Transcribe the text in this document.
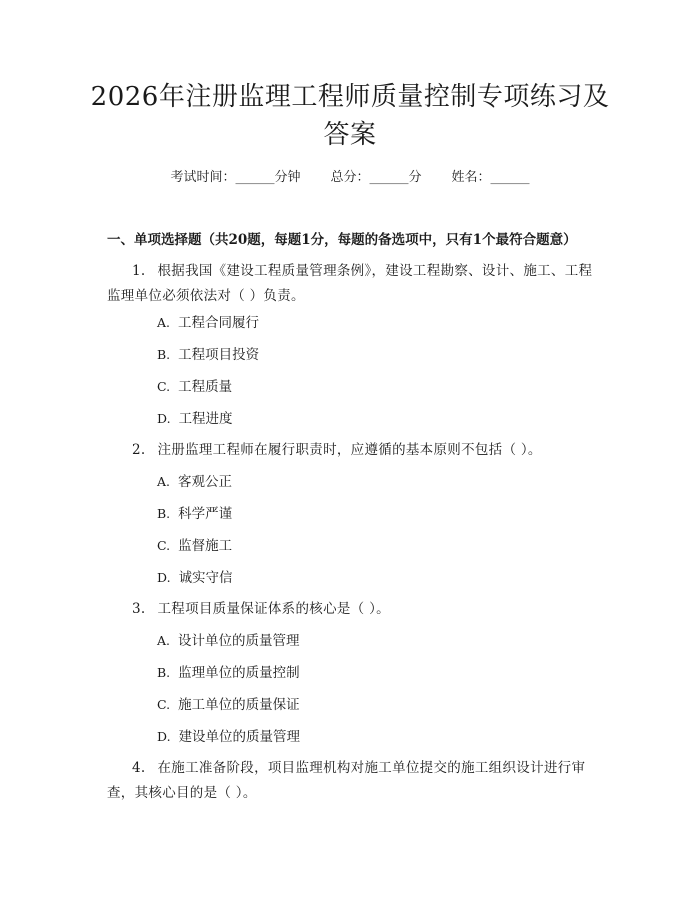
2026年注册监理工程师质量控制专项练习及
答案
考试时间：______分钟 总分：______分 姓名：______
一、单项选择题（共20题，每题1分，每题的备选项中，只有1个最符合题意）
1. 根据我国《建设工程质量管理条例》，建设工程勘察、设计、施工、工程监理单位必须依法对（ ）负责。
A. 工程合同履行
B. 工程项目投资
C. 工程质量
D. 工程进度
2. 注册监理工程师在履行职责时，应遵循的基本原则不包括（ ）。
A. 客观公正
B. 科学严谨
C. 监督施工
D. 诚实守信
3. 工程项目质量保证体系的核心是（ ）。
A. 设计单位的质量管理
B. 监理单位的质量控制
C. 施工单位的质量保证
D. 建设单位的质量管理
4. 在施工准备阶段，项目监理机构对施工单位提交的施工组织设计进行审查，其核心目的是（ ）。
